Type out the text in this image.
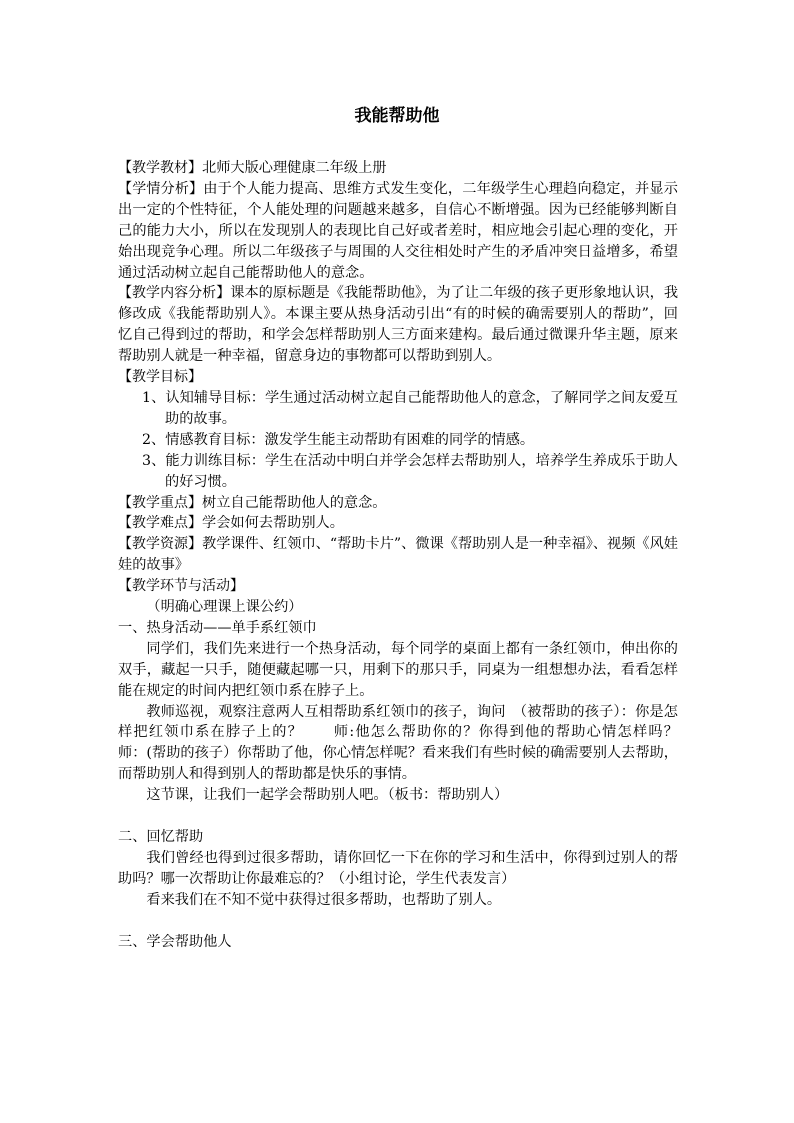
我能帮助他

【教学教材】北师大版心理健康二年级上册

【学情分析】由于个人能力提高、思维方式发生变化，二年级学生心理趋向稳定，并显示出一定的个性特征，个人能处理的问题越来越多，自信心不断增强。因为已经能够判断自己的能力大小，所以在发现别人的表现比自己好或者差时，相应地会引起心理的变化，开始出现竞争心理。所以二年级孩子与周围的人交往相处时产生的矛盾冲突日益增多，希望通过活动树立起自己能帮助他人的意念。

【教学内容分析】课本的原标题是《我能帮助他》，为了让二年级的孩子更形象地认识，我修改成《我能帮助别人》。本课主要从热身活动引出“有的时候的确需要别人的帮助”，回忆自己得到过的帮助，和学会怎样帮助别人三方面来建构。最后通过微课升华主题，原来帮助别人就是一种幸福，留意身边的事物都可以帮助到别人。

【教学目标】

1、认知辅导目标：学生通过活动树立起自己能帮助他人的意念，了解同学之间友爱互助的故事。

2、情感教育目标：激发学生能主动帮助有困难的同学的情感。

3、能力训练目标：学生在活动中明白并学会怎样去帮助别人，培养学生养成乐于助人的好习惯。

【教学重点】树立自己能帮助他人的意念。

【教学难点】学会如何去帮助别人。

【教学资源】教学课件、红领巾、“帮助卡片”、微课《帮助别人是一种幸福》、视频《风娃娃的故事》

【教学环节与活动】

（明确心理课上课公约）

一、热身活动——单手系红领巾

同学们，我们先来进行一个热身活动，每个同学的桌面上都有一条红领巾，伸出你的双手，藏起一只手，随便藏起哪一只，用剩下的那只手，同桌为一组想想办法，看看怎样能在规定的时间内把红领巾系在脖子上。

教师巡视，观察注意两人互相帮助系红领巾的孩子，询问　（被帮助的孩子）：你是怎样把红领巾系在脖子上的？　　师:他怎么帮助你的？你得到他的帮助心情怎样吗？　　　　　师：(帮助的孩子）你帮助了他，你心情怎样呢？看来我们有些时候的确需要别人去帮助，而帮助别人和得到别人的帮助都是快乐的事情。

这节课，让我们一起学会帮助别人吧。（板书：帮助别人）

二、回忆帮助

我们曾经也得到过很多帮助，请你回忆一下在你的学习和生活中，你得到过别人的帮助吗？哪一次帮助让你最难忘的？（小组讨论，学生代表发言）

看来我们在不知不觉中获得过很多帮助，也帮助了别人。

三、学会帮助他人
